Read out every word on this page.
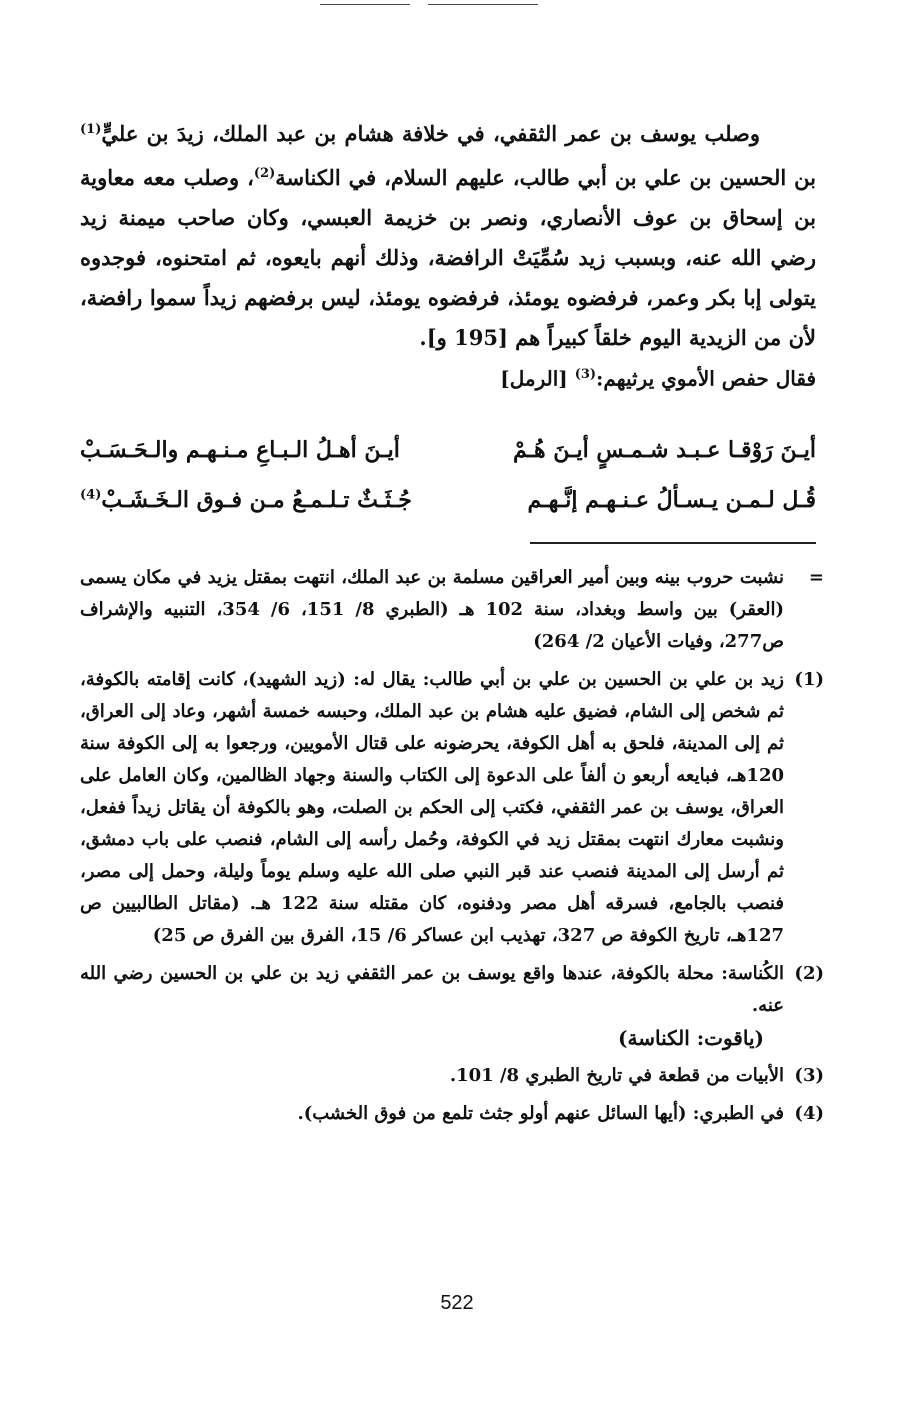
وصلب يوسف بن عمر الثقفي، في خلافة هشام بن عبد الملك، زيدَ بن عليٍّ$^{(1)}$ بن الحسين بن علي بن أبي طالب، عليهم السلام، في الكناسة$^{(2)}$، وصلب معه معاوية بن إسحاق بن عوف الأنصاري، ونصر بن خزيمة العبسي، وكان صاحب ميمنة زيد رضي الله عنه، وبسبب زيد سُمِّيَتْ الرافضة، وذلك أنهم بايعوه، ثم امتحنوه، فوجدوه يتولى إبا بكر وعمر، فرفضوه يومئذ، فرفضوه يومئذ، ليس برفضهم زيداً سموا رافضة، لأن من الزيدية اليوم خلقاً كبيراً هم [195 و].

فقال حفص الأموي يرثيهم:$^{(3)}$ [الرمل]

أيـنَ رَوْقـا عـبـد شـمـسٍ أيـنَ هُـمْ
أيـنَ أهـلُ الـبـاعِ مـنـهـم والـحَـسَـبْ
قُـل لـمـن يـسـألُ عـنـهـم إنَّـهـم
جُـثَـثٌ تـلـمـعُ مـن فـوق الـخَـشَـبْ$^{(4)}$
=
نشبت حروب بينه وبين أمير العراقين مسلمة بن عبد الملك، انتهت بمقتل يزيد في مكان يسمى (العقر) بين واسط وبغداد، سنة 102 هـ (الطبري 8/ 151، 6/ 354، التنبيه والإشراف ص277، وفيات الأعيان 2/ 264)
(1)
زيد بن علي بن الحسين بن علي بن أبي طالب: يقال له: (زيد الشهيد)، كانت إقامته بالكوفة، ثم شخص إلى الشام، فضيق عليه هشام بن عبد الملك، وحبسه خمسة أشهر، وعاد إلى العراق، ثم إلى المدينة، فلحق به أهل الكوفة، يحرضونه على قتال الأمويين، ورجعوا به إلى الكوفة سنة 120هـ، فبايعه أربعو ن ألفاً على الدعوة إلى الكتاب والسنة وجهاد الظالمين، وكان العامل على العراق، يوسف بن عمر الثقفي، فكتب إلى الحكم بن الصلت، وهو بالكوفة أن يقاتل زيداً ففعل، ونشبت معارك انتهت بمقتل زيد في الكوفة، وحُمل رأسه إلى الشام، فنصب على باب دمشق، ثم أرسل إلى المدينة فنصب عند قبر النبي صلى الله عليه وسلم يوماً وليلة، وحمل إلى مصر، فنصب بالجامع، فسرقه أهل مصر ودفنوه، كان مقتله سنة 122 هـ. (مقاتل الطالبيين ص 127هـ، تاريخ الكوفة ص 327، تهذيب ابن عساكر 6/ 15، الفرق بين الفرق ص 25)
(2)
الكُناسة: محلة بالكوفة، عندها واقع يوسف بن عمر الثقفي زيد بن علي بن الحسين رضي الله عنه.
(ياقوت: الكناسة)
(3)
الأبيات من قطعة في تاريخ الطبري 8/ 101.
(4)
في الطبري: (أيها السائل عنهم أولو جثث تلمع من فوق الخشب).
522
